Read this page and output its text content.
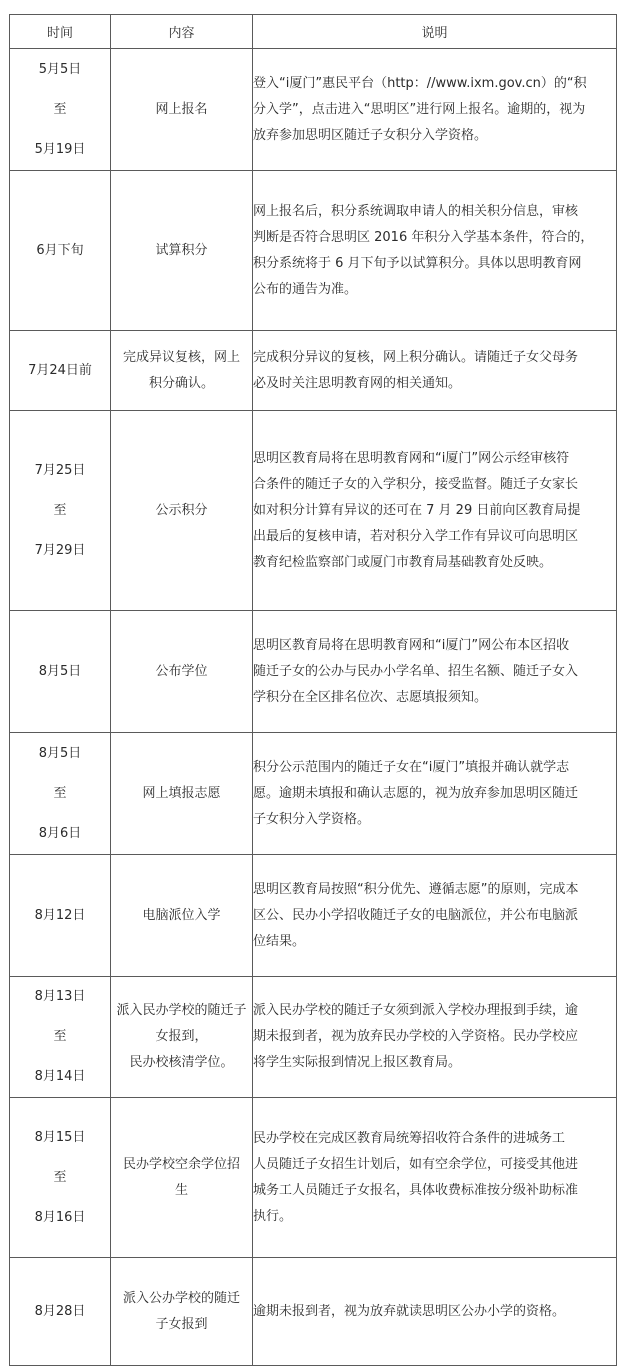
时间	内容	说明

5月5日
至
5月19日	网上报名	登入“i厦门”惠民平台（http：//www.ixm.gov.cn）的“积
分入学”，点击进入“思明区”进行网上报名。逾期的，视为
放弃参加思明区随迁子女积分入学资格。

6月下旬	试算积分	网上报名后，积分系统调取申请人的相关积分信息，审核
判断是否符合思明区 2016 年积分入学基本条件，符合的，
积分系统将于 6 月下旬予以试算积分。具体以思明教育网
公布的通告为准。

7月24日前	完成异议复核，网上
积分确认。	完成积分异议的复核，网上积分确认。请随迁子女父母务
必及时关注思明教育网的相关通知。

7月25日
至
7月29日	公示积分	思明区教育局将在思明教育网和“i厦门”网公示经审核符
合条件的随迁子女的入学积分，接受监督。随迁子女家长
如对积分计算有异议的还可在 7 月 29 日前向区教育局提
出最后的复核申请，若对积分入学工作有异议可向思明区
教育纪检监察部门或厦门市教育局基础教育处反映。

8月5日	公布学位	思明区教育局将在思明教育网和“i厦门”网公布本区招收
随迁子女的公办与民办小学名单、招生名额、随迁子女入
学积分在全区排名位次、志愿填报须知。

8月5日
至
8月6日	网上填报志愿	积分公示范围内的随迁子女在“i厦门”填报并确认就学志
愿。逾期未填报和确认志愿的，视为放弃参加思明区随迁
子女积分入学资格。

8月12日	电脑派位入学	思明区教育局按照“积分优先、遵循志愿”的原则，完成本
区公、民办小学招收随迁子女的电脑派位，并公布电脑派
位结果。

8月13日
至
8月14日	派入民办学校的随迁子
女报到，
民办校核清学位。	派入民办学校的随迁子女须到派入学校办理报到手续，逾
期未报到者，视为放弃民办学校的入学资格。民办学校应
将学生实际报到情况上报区教育局。

8月15日
至
8月16日	民办学校空余学位招
生	民办学校在完成区教育局统筹招收符合条件的进城务工
人员随迁子女招生计划后，如有空余学位，可接受其他进
城务工人员随迁子女报名，具体收费标准按分级补助标准
执行。

8月28日	派入公办学校的随迁
子女报到	逾期未报到者，视为放弃就读思明区公办小学的资格。
